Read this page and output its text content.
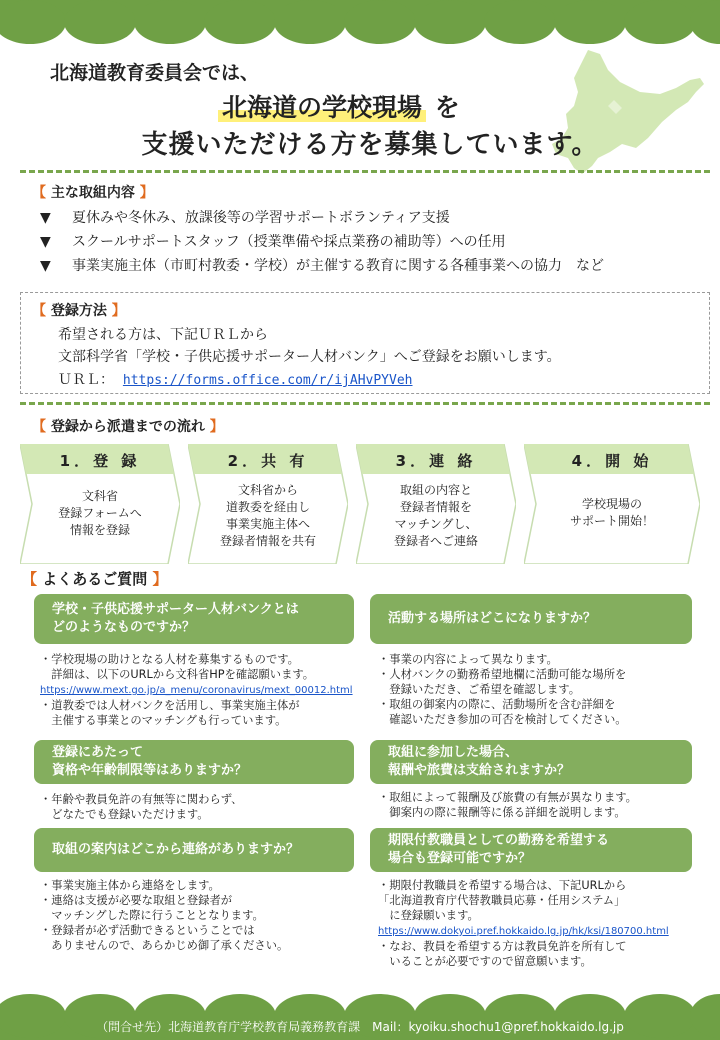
北海道教育委員会では、
北海道の学校現場 を
支援いただける方を募集しています。
【 主な取組内容 】
▼ 夏休みや冬休み、放課後等の学習サポートボランティア支援
▼ スクールサポートスタッフ（授業準備や採点業務の補助等）への任用
▼ 事業実施主体（市町村教委・学校）が主催する教育に関する各種事業への協力　など
【 登録方法 】
希望される方は、下記ＵＲＬから
文部科学省「学校・子供応援サポーター人材バンク」へご登録をお願いします。
ＵＲＬ： https://forms.office.com/r/ijAHvPYVeh
【 登録から派遣までの流れ 】
1．登 録
文科省
登録フォームへ
情報を登録
2．共 有
文科省から
道教委を経由し
事業実施主体へ
登録者情報を共有
3．連 絡
取組の内容と
登録者情報を
マッチングし、
登録者へご連絡
4．開 始
学校現場の
サポート開始！
【 よくあるご質問 】
学校・子供応援サポーター人材バンクとは
どのようなものですか？
・学校現場の助けとなる人材を募集するものです。
　詳細は、以下のURLから文科省HPを確認願います。
https://www.mext.go.jp/a_menu/coronavirus/mext_00012.html
・道教委では人材バンクを活用し、事業実施主体が
　主催する事業とのマッチングも行っています。
登録にあたって
資格や年齢制限等はありますか？
・年齢や教員免許の有無等に関わらず、
　どなたでも登録いただけます。
取組の案内はどこから連絡がありますか？
・事業実施主体から連絡をします。
・連絡は支援が必要な取組と登録者が
　マッチングした際に行うこととなります。
・登録者が必ず活動できるということでは
　ありませんので、あらかじめ御了承ください。
活動する場所はどこになりますか？
・事業の内容によって異なります。
・人材バンクの勤務希望地欄に活動可能な場所を
　登録いただき、ご希望を確認します。
・取組の御案内の際に、活動場所を含む詳細を
　確認いただき参加の可否を検討してください。
取組に参加した場合、
報酬や旅費は支給されますか？
・取組によって報酬及び旅費の有無が異なります。
　御案内の際に報酬等に係る詳細を説明します。
期限付教職員としての勤務を希望する
場合も登録可能ですか？
・期限付教職員を希望する場合は、下記URLから
「北海道教育庁代替教職員応募・任用システム」
　に登録願います。
https://www.dokyoi.pref.hokkaido.lg.jp/hk/ksi/180700.html
・なお、教員を希望する方は教員免許を所有して
　いることが必要ですので留意願います。
（問合せ先）北海道教育庁学校教育局義務教育課　Mail：kyoiku.shochu1@pref.hokkaido.lg.jp
